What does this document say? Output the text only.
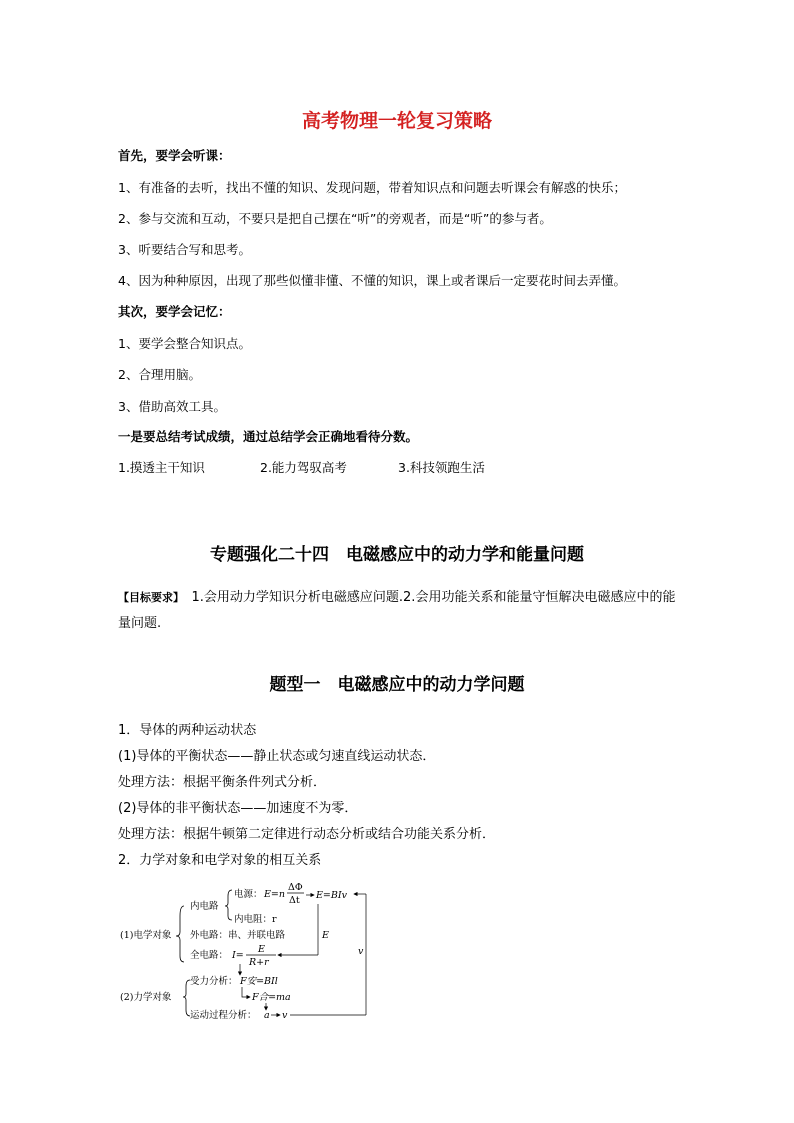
高考物理一轮复习策略
首先，要学会听课：
1、有准备的去听，找出不懂的知识、发现问题，带着知识点和问题去听课会有解惑的快乐；
2、参与交流和互动，不要只是把自己摆在“听”的旁观者，而是“听”的参与者。
3、听要结合写和思考。
4、因为种种原因，出现了那些似懂非懂、不懂的知识，课上或者课后一定要花时间去弄懂。
其次，要学会记忆：
1、要学会整合知识点。
2、合理用脑。
3、借助高效工具。
一是要总结考试成绩，通过总结学会正确地看待分数。
1.摸透主干知识	2.能力驾驭高考	3.科技领跑生活
专题强化二十四　电磁感应中的动力学和能量问题
【目标要求】　1.会用动力学知识分析电磁感应问题.2.会用功能关系和能量守恒解决电磁感应中的能量问题.
题型一　电磁感应中的动力学问题
1．导体的两种运动状态
(1)导体的平衡状态——静止状态或匀速直线运动状态．
处理方法：根据平衡条件列式分析．
(2)导体的非平衡状态——加速度不为零．
处理方法：根据牛顿第二定律进行动态分析或结合功能关系分析．
2．力学对象和电学对象的相互关系
(1)电学对象
内电路
电源： E=n
ΔΦ
Δt E=BIv
内电阻：r
外电路：串、并联电路
全电路： I=
E
R+r
E
v
(2)力学对象
受力分析： F安=BIl
F合=ma
运动过程分析： a v
